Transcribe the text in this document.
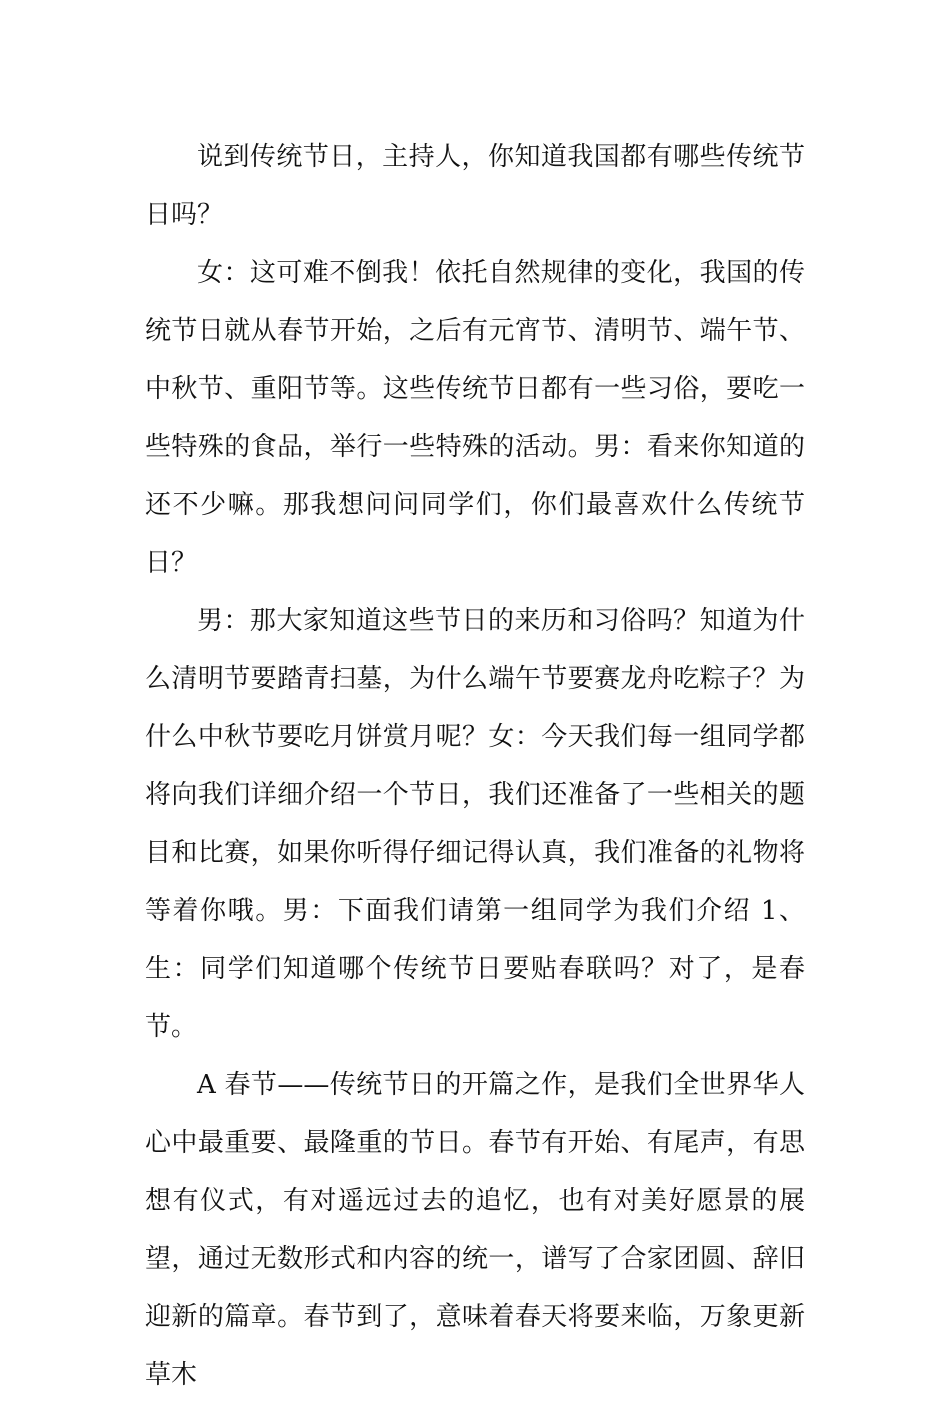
说到传统节日，主持人，你知道我国都有哪些传统节日吗？

女：这可难不倒我！依托自然规律的变化，我国的传统节日就从春节开始，之后有元宵节、清明节、端午节、中秋节、重阳节等。这些传统节日都有一些习俗，要吃一些特殊的食品，举行一些特殊的活动。男：看来你知道的还不少嘛。那我想问问同学们，你们最喜欢什么传统节日？

男：那大家知道这些节日的来历和习俗吗？知道为什么清明节要踏青扫墓，为什么端午节要赛龙舟吃粽子？为什么中秋节要吃月饼赏月呢？女：今天我们每一组同学都将向我们详细介绍一个节日，我们还准备了一些相关的题目和比赛，如果你听得仔细记得认真，我们准备的礼物将等着你哦。男：下面我们请第一组同学为我们介绍 1、生：同学们知道哪个传统节日要贴春联吗？对了，是春节。

A 春节——传统节日的开篇之作，是我们全世界华人心中最重要、最隆重的节日。春节有开始、有尾声，有思想有仪式，有对遥远过去的追忆，也有对美好愿景的展望，通过无数形式和内容的统一，谱写了合家团圆、辞旧迎新的篇章。春节到了，意味着春天将要来临，万象更新草木
